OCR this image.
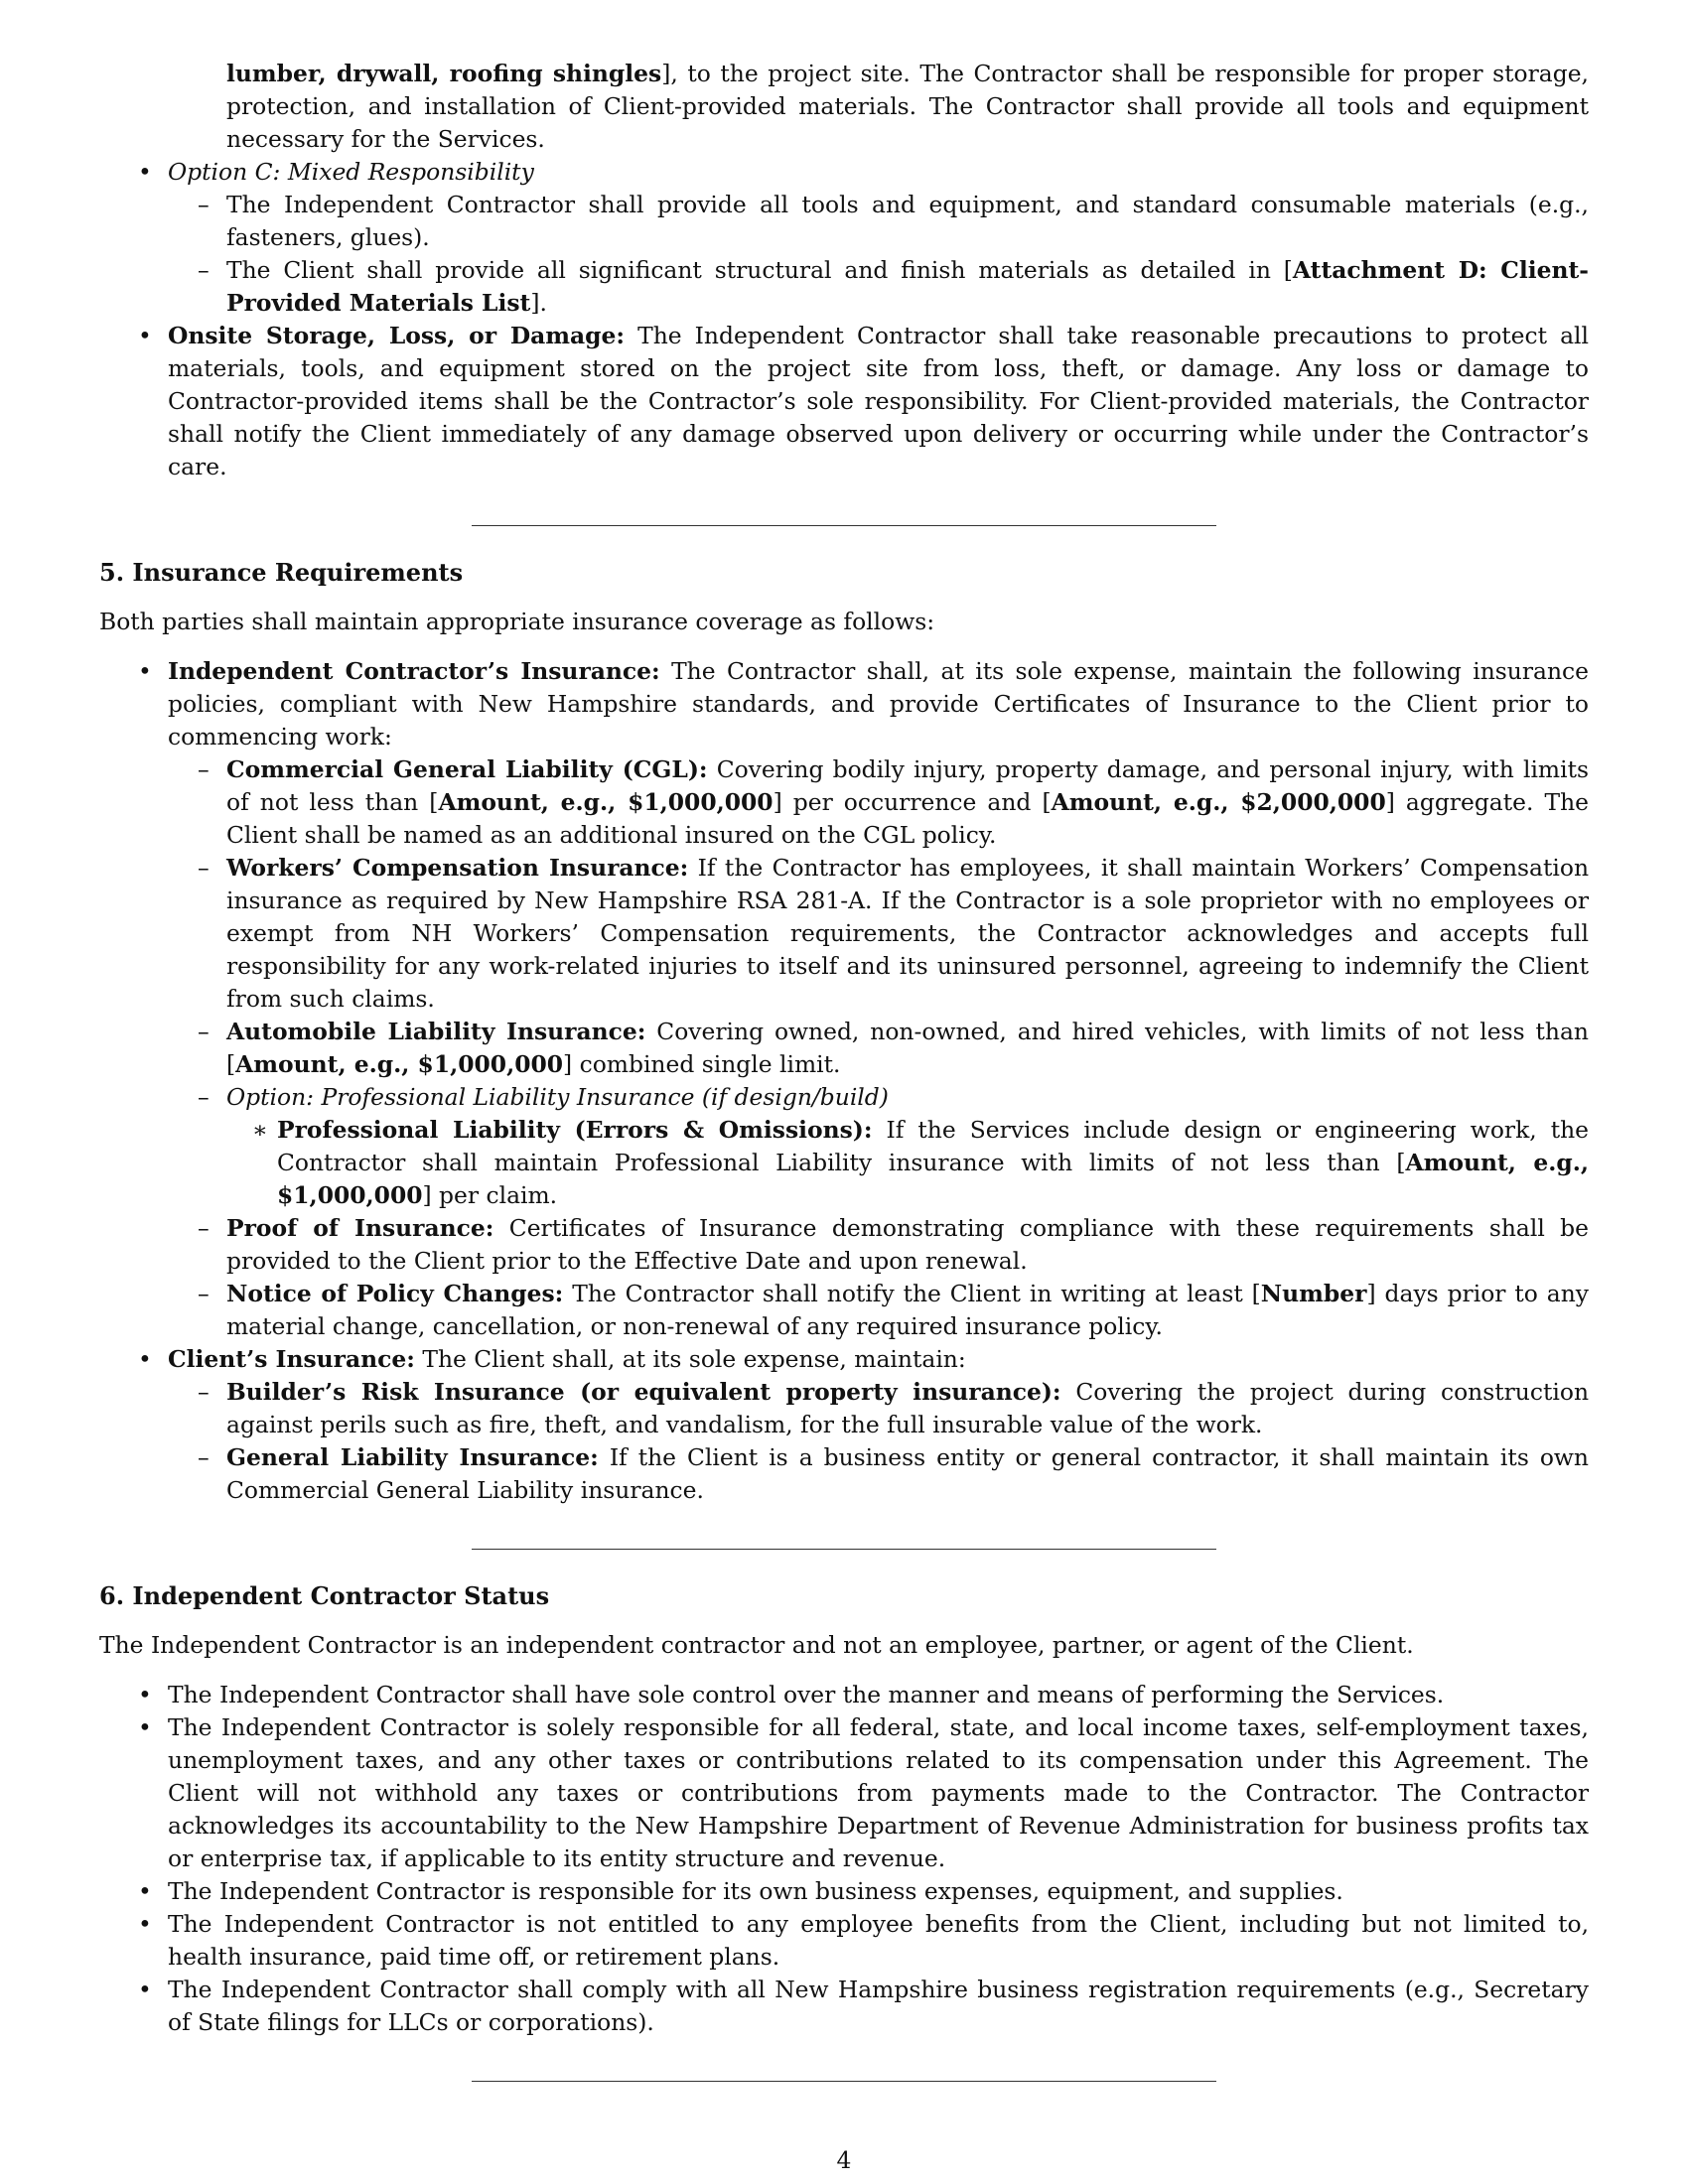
lumber, drywall, roofing shingles], to the project site. The Contractor shall be responsible for proper storage, protection, and installation of Client-provided materials. The Contractor shall provide all tools and equipment necessary for the Services.

• Option C: Mixed Responsibility
– The Independent Contractor shall provide all tools and equipment, and standard consumable materials (e.g., fasteners, glues).
– The Client shall provide all significant structural and finish materials as detailed in [Attachment D: Client-Provided Materials List].
• Onsite Storage, Loss, or Damage: The Independent Contractor shall take reasonable precautions to protect all materials, tools, and equipment stored on the project site from loss, theft, or damage. Any loss or damage to Contractor-provided items shall be the Contractor’s sole responsibility. For Client-provided materials, the Contractor shall notify the Client immediately of any damage observed upon delivery or occurring while under the Contractor’s care.
5. Insurance Requirements

Both parties shall maintain appropriate insurance coverage as follows:

• Independent Contractor’s Insurance: The Contractor shall, at its sole expense, maintain the following insurance policies, compliant with New Hampshire standards, and provide Certificates of Insurance to the Client prior to commencing work:
– Commercial General Liability (CGL): Covering bodily injury, property damage, and personal injury, with limits of not less than [Amount, e.g., $1,000,000] per occurrence and [Amount, e.g., $2,000,000] aggregate. The Client shall be named as an additional insured on the CGL policy.
– Workers’ Compensation Insurance: If the Contractor has employees, it shall maintain Workers’ Compensation insurance as required by New Hampshire RSA 281-A. If the Contractor is a sole proprietor with no employees or exempt from NH Workers’ Compensation requirements, the Contractor acknowledges and accepts full responsibility for any work-related injuries to itself and its uninsured personnel, agreeing to indemnify the Client from such claims.
– Automobile Liability Insurance: Covering owned, non-owned, and hired vehicles, with limits of not less than [Amount, e.g., $1,000,000] combined single limit.
– Option: Professional Liability Insurance (if design/build)
∗ Professional Liability (Errors & Omissions): If the Services include design or engineering work, the Contractor shall maintain Professional Liability insurance with limits of not less than [Amount, e.g., $1,000,000] per claim.
– Proof of Insurance: Certificates of Insurance demonstrating compliance with these requirements shall be provided to the Client prior to the Effective Date and upon renewal.
– Notice of Policy Changes: The Contractor shall notify the Client in writing at least [Number] days prior to any material change, cancellation, or non-renewal of any required insurance policy.
• Client’s Insurance: The Client shall, at its sole expense, maintain:
– Builder’s Risk Insurance (or equivalent property insurance): Covering the project during construction against perils such as fire, theft, and vandalism, for the full insurable value of the work.
– General Liability Insurance: If the Client is a business entity or general contractor, it shall maintain its own Commercial General Liability insurance.
6. Independent Contractor Status

The Independent Contractor is an independent contractor and not an employee, partner, or agent of the Client.

• The Independent Contractor shall have sole control over the manner and means of performing the Services.
• The Independent Contractor is solely responsible for all federal, state, and local income taxes, self-employment taxes, unemployment taxes, and any other taxes or contributions related to its compensation under this Agreement. The Client will not withhold any taxes or contributions from payments made to the Contractor. The Contractor acknowledges its accountability to the New Hampshire Department of Revenue Administration for business profits tax or enterprise tax, if applicable to its entity structure and revenue.
• The Independent Contractor is responsible for its own business expenses, equipment, and supplies.
• The Independent Contractor is not entitled to any employee benefits from the Client, including but not limited to, health insurance, paid time off, or retirement plans.
• The Independent Contractor shall comply with all New Hampshire business registration requirements (e.g., Secretary of State filings for LLCs or corporations).
4
